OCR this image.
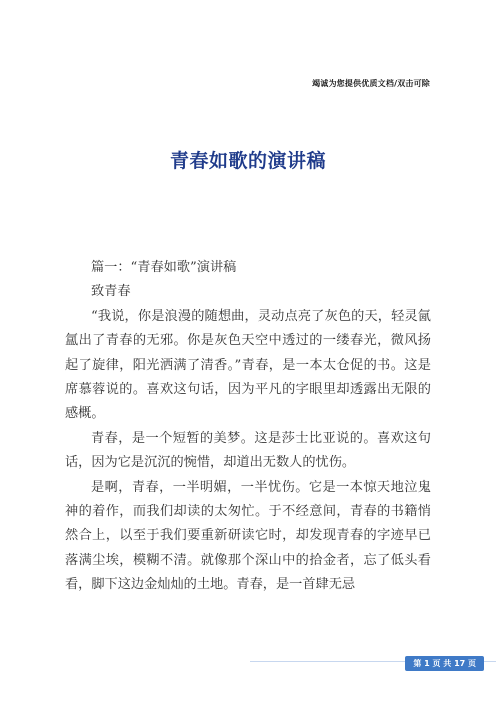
竭诚为您提供优质文档/双击可除
青春如歌的演讲稿

篇一：“青春如歌”演讲稿

致青春

“我说，你是浪漫的随想曲，灵动点亮了灰色的天，轻灵氤氲出了青春的无邪。你是灰色天空中透过的一缕春光，微风扬起了旋律，阳光洒满了清香。”青春，是一本太仓促的书。这是席慕蓉说的。喜欢这句话，因为平凡的字眼里却透露出无限的感概。

青春，是一个短暂的美梦。这是莎士比亚说的。喜欢这句话，因为它是沉沉的惋惜，却道出无数人的忧伤。

是啊，青春，一半明媚，一半忧伤。它是一本惊天地泣鬼神的着作，而我们却读的太匆忙。于不经意间，青春的书籍悄然合上，以至于我们要重新研读它时，却发现青春的字迹早已落满尘埃，模糊不清。就像那个深山中的拾金者，忘了低头看看，脚下这边金灿灿的土地。青春，是一首肆无忌

第 1 页 共 17 页
